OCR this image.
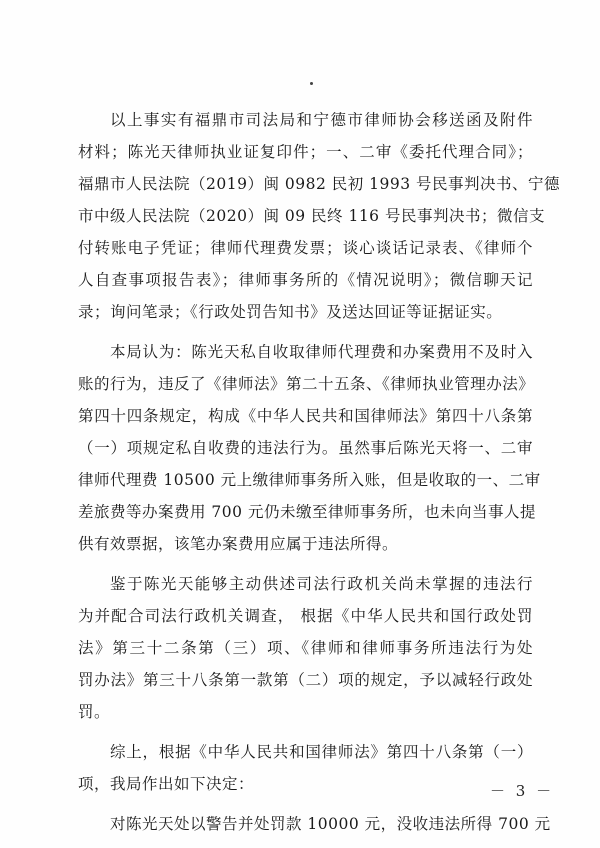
以上事实有福鼎市司法局和宁德市律师协会移送函及附件
材料；陈光天律师执业证复印件；一、二审《委托代理合同》；
福鼎市人民法院（2019）闽 0982 民初 1993 号民事判决书、宁德
市中级人民法院（2020）闽 09 民终 116 号民事判决书；微信支
付转账电子凭证；律师代理费发票；谈心谈话记录表、《律师个
人自查事项报告表》；律师事务所的《情况说明》；微信聊天记
录；询问笔录；《行政处罚告知书》及送达回证等证据证实。
本局认为：陈光天私自收取律师代理费和办案费用不及时入
账的行为，违反了《律师法》第二十五条、《律师执业管理办法》
第四十四条规定，构成《中华人民共和国律师法》第四十八条第
（一）项规定私自收费的违法行为。虽然事后陈光天将一、二审
律师代理费 10500 元上缴律师事务所入账，但是收取的一、二审
差旅费等办案费用 700 元仍未缴至律师事务所，也未向当事人提
供有效票据，该笔办案费用应属于违法所得。
鉴于陈光天能够主动供述司法行政机关尚未掌握的违法行
为并配合司法行政机关调查， 根据《中华人民共和国行政处罚
法》第三十二条第（三）项、《律师和律师事务所违法行为处
罚办法》第三十八条第一款第（二）项的规定，予以减轻行政处
罚。
综上，根据《中华人民共和国律师法》第四十八条第（一）
项，我局作出如下决定：
对陈光天处以警告并处罚款 10000 元，没收违法所得 700 元
－ 3 －
